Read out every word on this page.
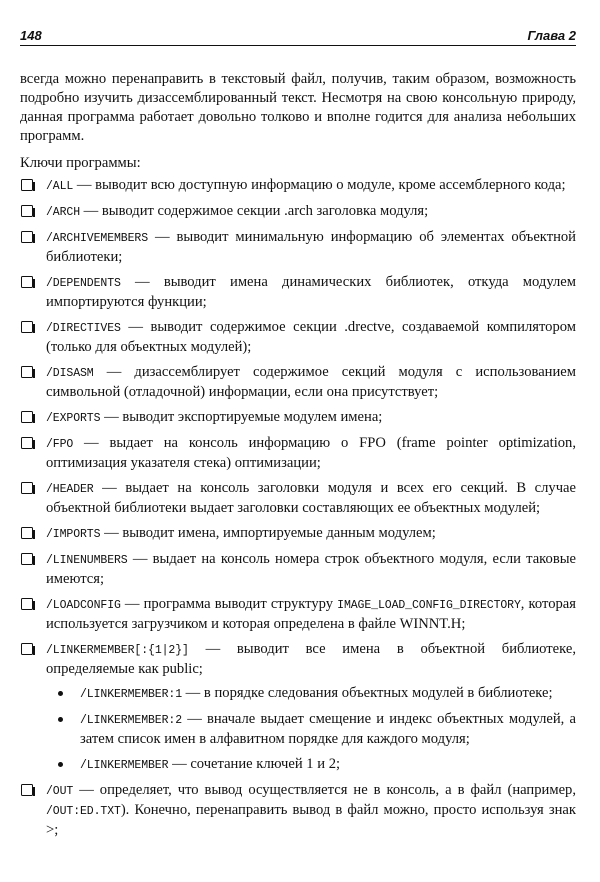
148	Глава 2

всегда можно перенаправить в текстовый файл, получив, таким образом, возможность подробно изучить дизассемблированный текст. Несмотря на свою консольную природу, данная программа работает довольно толково и вполне годится для анализа небольших программ.

Ключи программы:

/ALL — выводит всю доступную информацию о модуле, кроме ассемблерного кода;
/ARCH — выводит содержимое секции .arch заголовка модуля;
/ARCHIVEMEMBERS — выводит минимальную информацию об элементах объектной библиотеки;
/DEPENDENTS — выводит имена динамических библиотек, откуда модулем импортируются функции;
/DIRECTIVES — выводит содержимое секции .drectve, создаваемой компилятором (только для объектных модулей);
/DISASM — дизассемблирует содержимое секций модуля с использованием символьной (отладочной) информации, если она присутствует;
/EXPORTS — выводит экспортируемые модулем имена;
/FPO — выдает на консоль информацию о FPO (frame pointer optimization, оптимизация указателя стека) оптимизации;
/HEADER — выдает на консоль заголовки модуля и всех его секций. В случае объектной библиотеки выдает заголовки составляющих ее объектных модулей;
/IMPORTS — выводит имена, импортируемые данным модулем;
/LINENUMBERS — выдает на консоль номера строк объектного модуля, если таковые имеются;
/LOADCONFIG — программа выводит структуру IMAGE_LOAD_CONFIG_DIRECTORY, которая используется загрузчиком и которая определена в файле WINNT.H;
/LINKERMEMBER[:{1|2}] — выводит все имена в объектной библиотеке, определяемые как public;
/LINKERMEMBER:1 — в порядке следования объектных модулей в библиотеке;
/LINKERMEMBER:2 — вначале выдает смещение и индекс объектных модулей, а затем список имен в алфавитном порядке для каждого модуля;
/LINKERMEMBER — сочетание ключей 1 и 2;
/OUT — определяет, что вывод осуществляется не в консоль, а в файл (например, /OUT:ED.TXT). Конечно, перенаправить вывод в файл можно, просто используя знак >;
